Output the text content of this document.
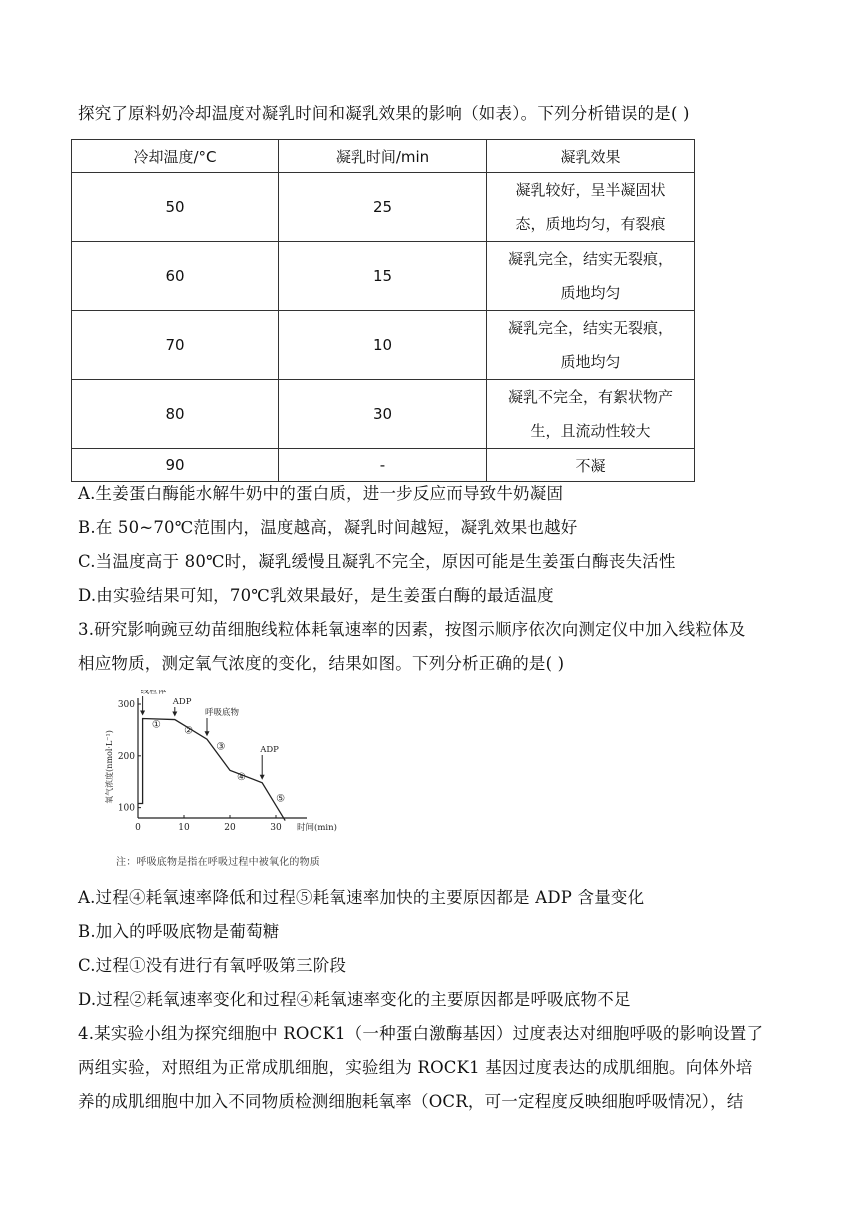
探究了原料奶冷却温度对凝乳时间和凝乳效果的影响（如表）。下列分析错误的是( )
冷却温度/°C	凝乳时间/min	凝乳效果
50	25	凝乳较好，呈半凝固状
态，质地均匀，有裂痕

60	15	凝乳完全，结实无裂痕，
质地均匀

70	10	凝乳完全，结实无裂痕，
质地均匀

80	30	凝乳不完全，有絮状物产
生，且流动性较大

90	-	不凝
A.生姜蛋白酶能水解牛奶中的蛋白质，进一步反应而导致牛奶凝固
B.在 50~70℃范围内，温度越高，凝乳时间越短，凝乳效果也越好
C.当温度高于 80℃时，凝乳缓慢且凝乳不完全，原因可能是生姜蛋白酶丧失活性
D.由实验结果可知，70℃乳效果最好，是生姜蛋白酶的最适温度
3.研究影响豌豆幼苗细胞线粒体耗氧速率的因素，按图示顺序依次向测定仪中加入线粒体及
相应物质，测定氧气浓度的变化，结果如图。下列分析正确的是( )
0	10	20	30 时间(min)
100
200
300
氧气浓度(nmol·L⁻¹)
线粒体
ADP
呼吸底物
ADP
①
②
③
④
⑤
注：呼吸底物是指在呼吸过程中被氧化的物质
A.过程④耗氧速率降低和过程⑤耗氧速率加快的主要原因都是 ADP 含量变化
B.加入的呼吸底物是葡萄糖
C.过程①没有进行有氧呼吸第三阶段
D.过程②耗氧速率变化和过程④耗氧速率变化的主要原因都是呼吸底物不足
4.某实验小组为探究细胞中 ROCK1（一种蛋白激酶基因）过度表达对细胞呼吸的影响设置了
两组实验，对照组为正常成肌细胞，实验组为 ROCK1 基因过度表达的成肌细胞。向体外培
养的成肌细胞中加入不同物质检测细胞耗氧率（OCR，可一定程度反映细胞呼吸情况），结
